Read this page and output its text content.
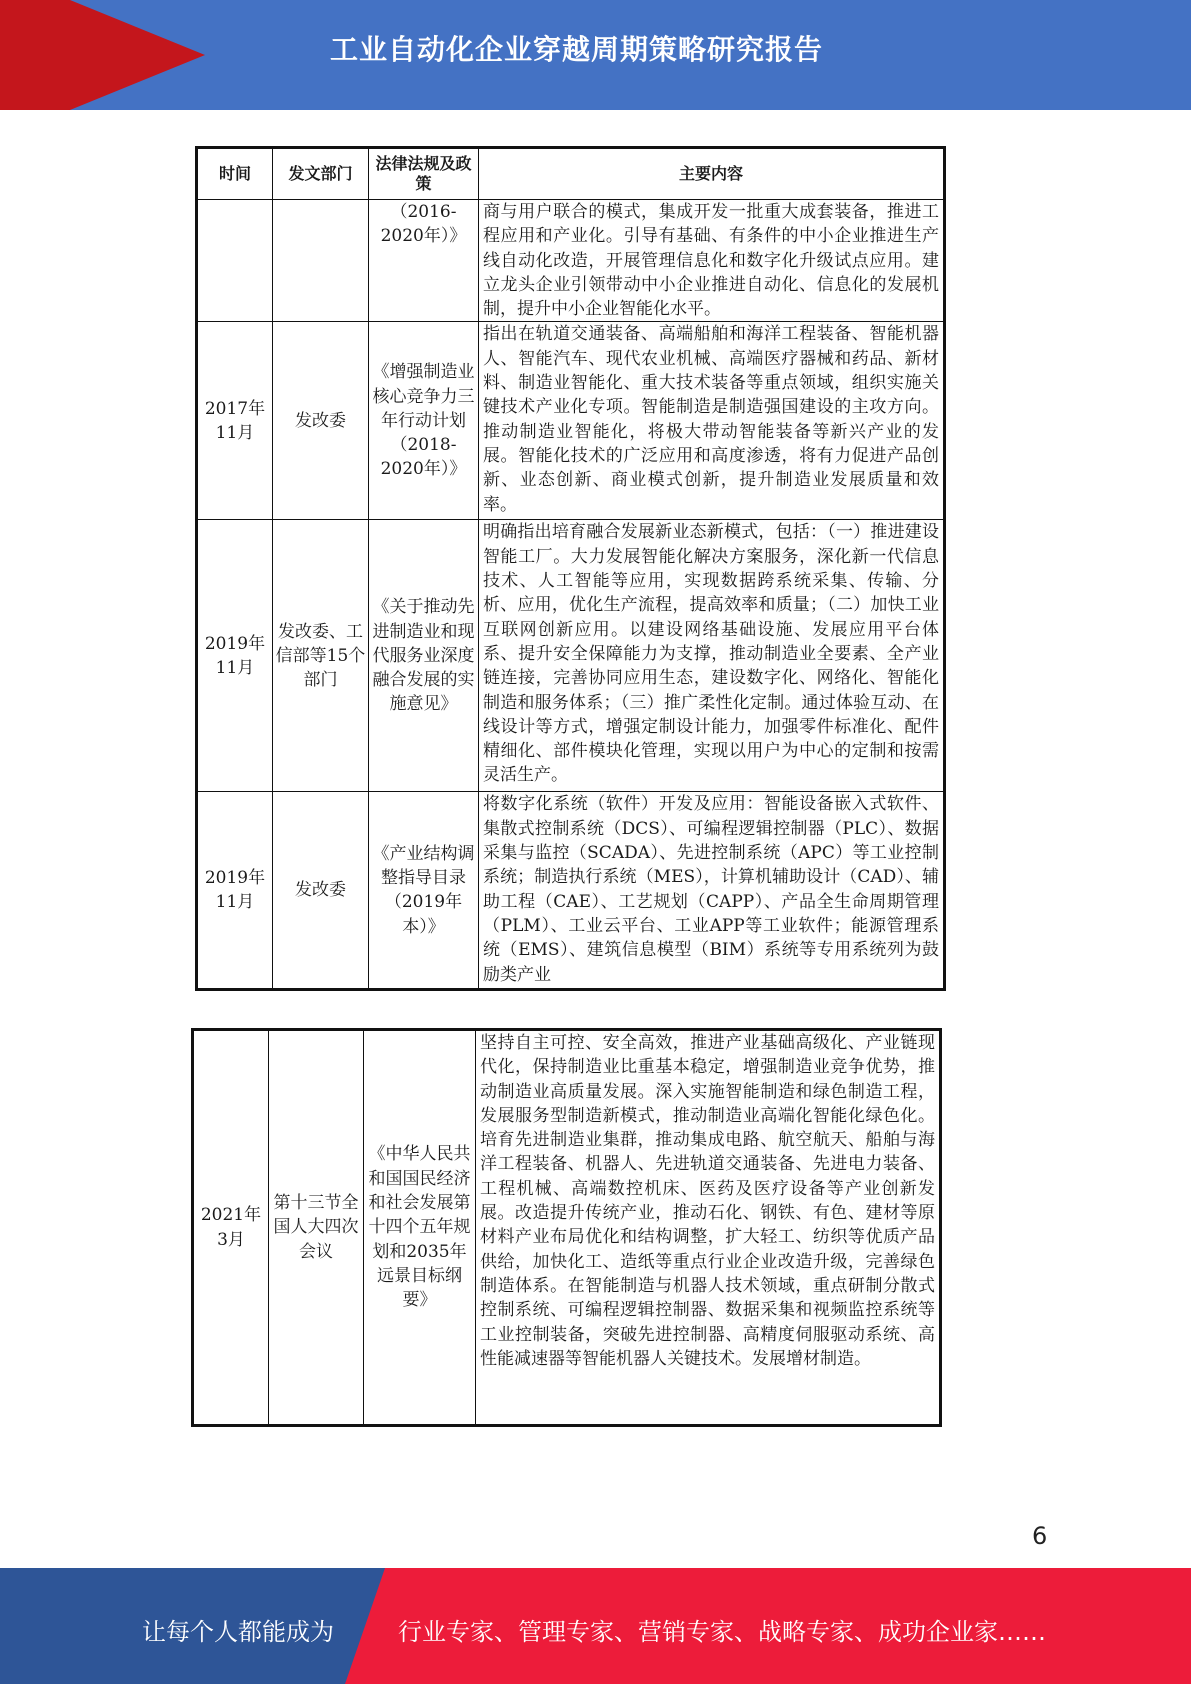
工业自动化企业穿越周期策略研究报告
时间	发文部门	法律法规及政策	主要内容
		（2016-2020年）》	商与用户联合的模式，集成开发一批重大成套装备，推进工程应用和产业化。引导有基础、有条件的中小企业推进生产线自动化改造，开展管理信息化和数字化升级试点应用。建立龙头企业引领带动中小企业推进自动化、信息化的发展机制，提升中小企业智能化水平。
2017年11月	发改委	《增强制造业核心竞争力三年行动计划（2018-2020年）》	指出在轨道交通装备、高端船舶和海洋工程装备、智能机器人、智能汽车、现代农业机械、高端医疗器械和药品、新材料、制造业智能化、重大技术装备等重点领域，组织实施关键技术产业化专项。智能制造是制造强国建设的主攻方向。推动制造业智能化，将极大带动智能装备等新兴产业的发展。智能化技术的广泛应用和高度渗透，将有力促进产品创新、业态创新、商业模式创新，提升制造业发展质量和效率。
2019年11月	发改委、工信部等15个部门	《关于推动先进制造业和现代服务业深度融合发展的实施意见》	明确指出培育融合发展新业态新模式，包括：（一）推进建设智能工厂。大力发展智能化解决方案服务，深化新一代信息技术、人工智能等应用，实现数据跨系统采集、传输、分析、应用，优化生产流程，提高效率和质量；（二）加快工业互联网创新应用。以建设网络基础设施、发展应用平台体系、提升安全保障能力为支撑，推动制造业全要素、全产业链连接，完善协同应用生态，建设数字化、网络化、智能化制造和服务体系；（三）推广柔性化定制。通过体验互动、在线设计等方式，增强定制设计能力，加强零件标准化、配件精细化、部件模块化管理，实现以用户为中心的定制和按需灵活生产。
2019年11月	发改委	《产业结构调整指导目录（2019年本）》	将数字化系统（软件）开发及应用：智能设备嵌入式软件、集散式控制系统（DCS）、可编程逻辑控制器（PLC）、数据采集与监控（SCADA）、先进控制系统（APC）等工业控制系统；制造执行系统（MES），计算机辅助设计（CAD）、辅助工程（CAE）、工艺规划（CAPP）、产品全生命周期管理（PLM）、工业云平台、工业APP等工业软件；能源管理系统（EMS）、建筑信息模型（BIM）系统等专用系统列为鼓励类产业
2021年3月	第十三节全国人大四次会议	《中华人民共和国国民经济和社会发展第十四个五年规划和2035年远景目标纲要》	坚持自主可控、安全高效，推进产业基础高级化、产业链现代化，保持制造业比重基本稳定，增强制造业竞争优势，推动制造业高质量发展。深入实施智能制造和绿色制造工程，发展服务型制造新模式，推动制造业高端化智能化绿色化。培育先进制造业集群，推动集成电路、航空航天、船舶与海洋工程装备、机器人、先进轨道交通装备、先进电力装备、工程机械、高端数控机床、医药及医疗设备等产业创新发展。改造提升传统产业，推动石化、钢铁、有色、建材等原材料产业布局优化和结构调整，扩大轻工、纺织等优质产品供给，加快化工、造纸等重点行业企业改造升级，完善绿色制造体系。在智能制造与机器人技术领域，重点研制分散式控制系统、可编程逻辑控制器、数据采集和视频监控系统等工业控制装备，突破先进控制器、高精度伺服驱动系统、高性能减速器等智能机器人关键技术。发展增材制造。
6
让每个人都能成为	行业专家、管理专家、营销专家、战略专家、成功企业家……
